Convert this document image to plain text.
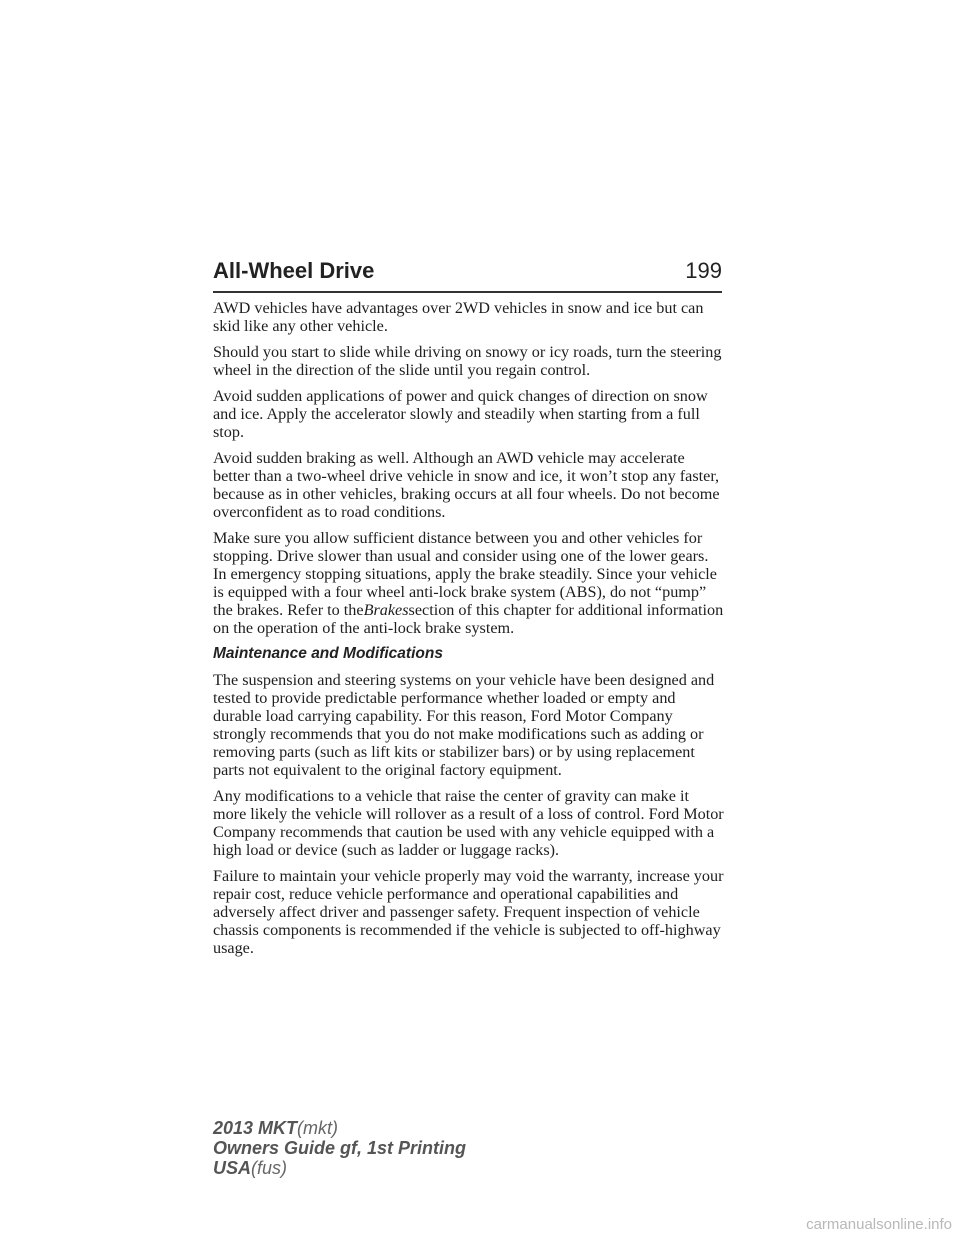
All-Wheel Drive	199

AWD vehicles have advantages over 2WD vehicles in snow and ice but can skid like any other vehicle.

Should you start to slide while driving on snowy or icy roads, turn the steering wheel in the direction of the slide until you regain control.

Avoid sudden applications of power and quick changes of direction on snow and ice. Apply the accelerator slowly and steadily when starting from a full stop.

Avoid sudden braking as well. Although an AWD vehicle may accelerate better than a two-wheel drive vehicle in snow and ice, it won’t stop any faster, because as in other vehicles, braking occurs at all four wheels. Do not become overconfident as to road conditions.

Make sure you allow sufficient distance between you and other vehicles for stopping. Drive slower than usual and consider using one of the lower gears. In emergency stopping situations, apply the brake steadily. Since your vehicle is equipped with a four wheel anti-lock brake system (ABS), do not “pump” the brakes. Refer to theBrakessection of this chapter for additional information on the operation of the anti-lock brake system.

Maintenance and Modifications

The suspension and steering systems on your vehicle have been designed and tested to provide predictable performance whether loaded or empty and durable load carrying capability. For this reason, Ford Motor Company strongly recommends that you do not make modifications such as adding or removing parts (such as lift kits or stabilizer bars) or by using replacement parts not equivalent to the original factory equipment.

Any modifications to a vehicle that raise the center of gravity can make it more likely the vehicle will rollover as a result of a loss of control. Ford Motor Company recommends that caution be used with any vehicle equipped with a high load or device (such as ladder or luggage racks).

Failure to maintain your vehicle properly may void the warranty, increase your repair cost, reduce vehicle performance and operational capabilities and adversely affect driver and passenger safety. Frequent inspection of vehicle chassis components is recommended if the vehicle is subjected to off-highway usage.

2013 MKT(mkt)
Owners Guide gf, 1st Printing
USA(fus)
carmanualsonline.info
